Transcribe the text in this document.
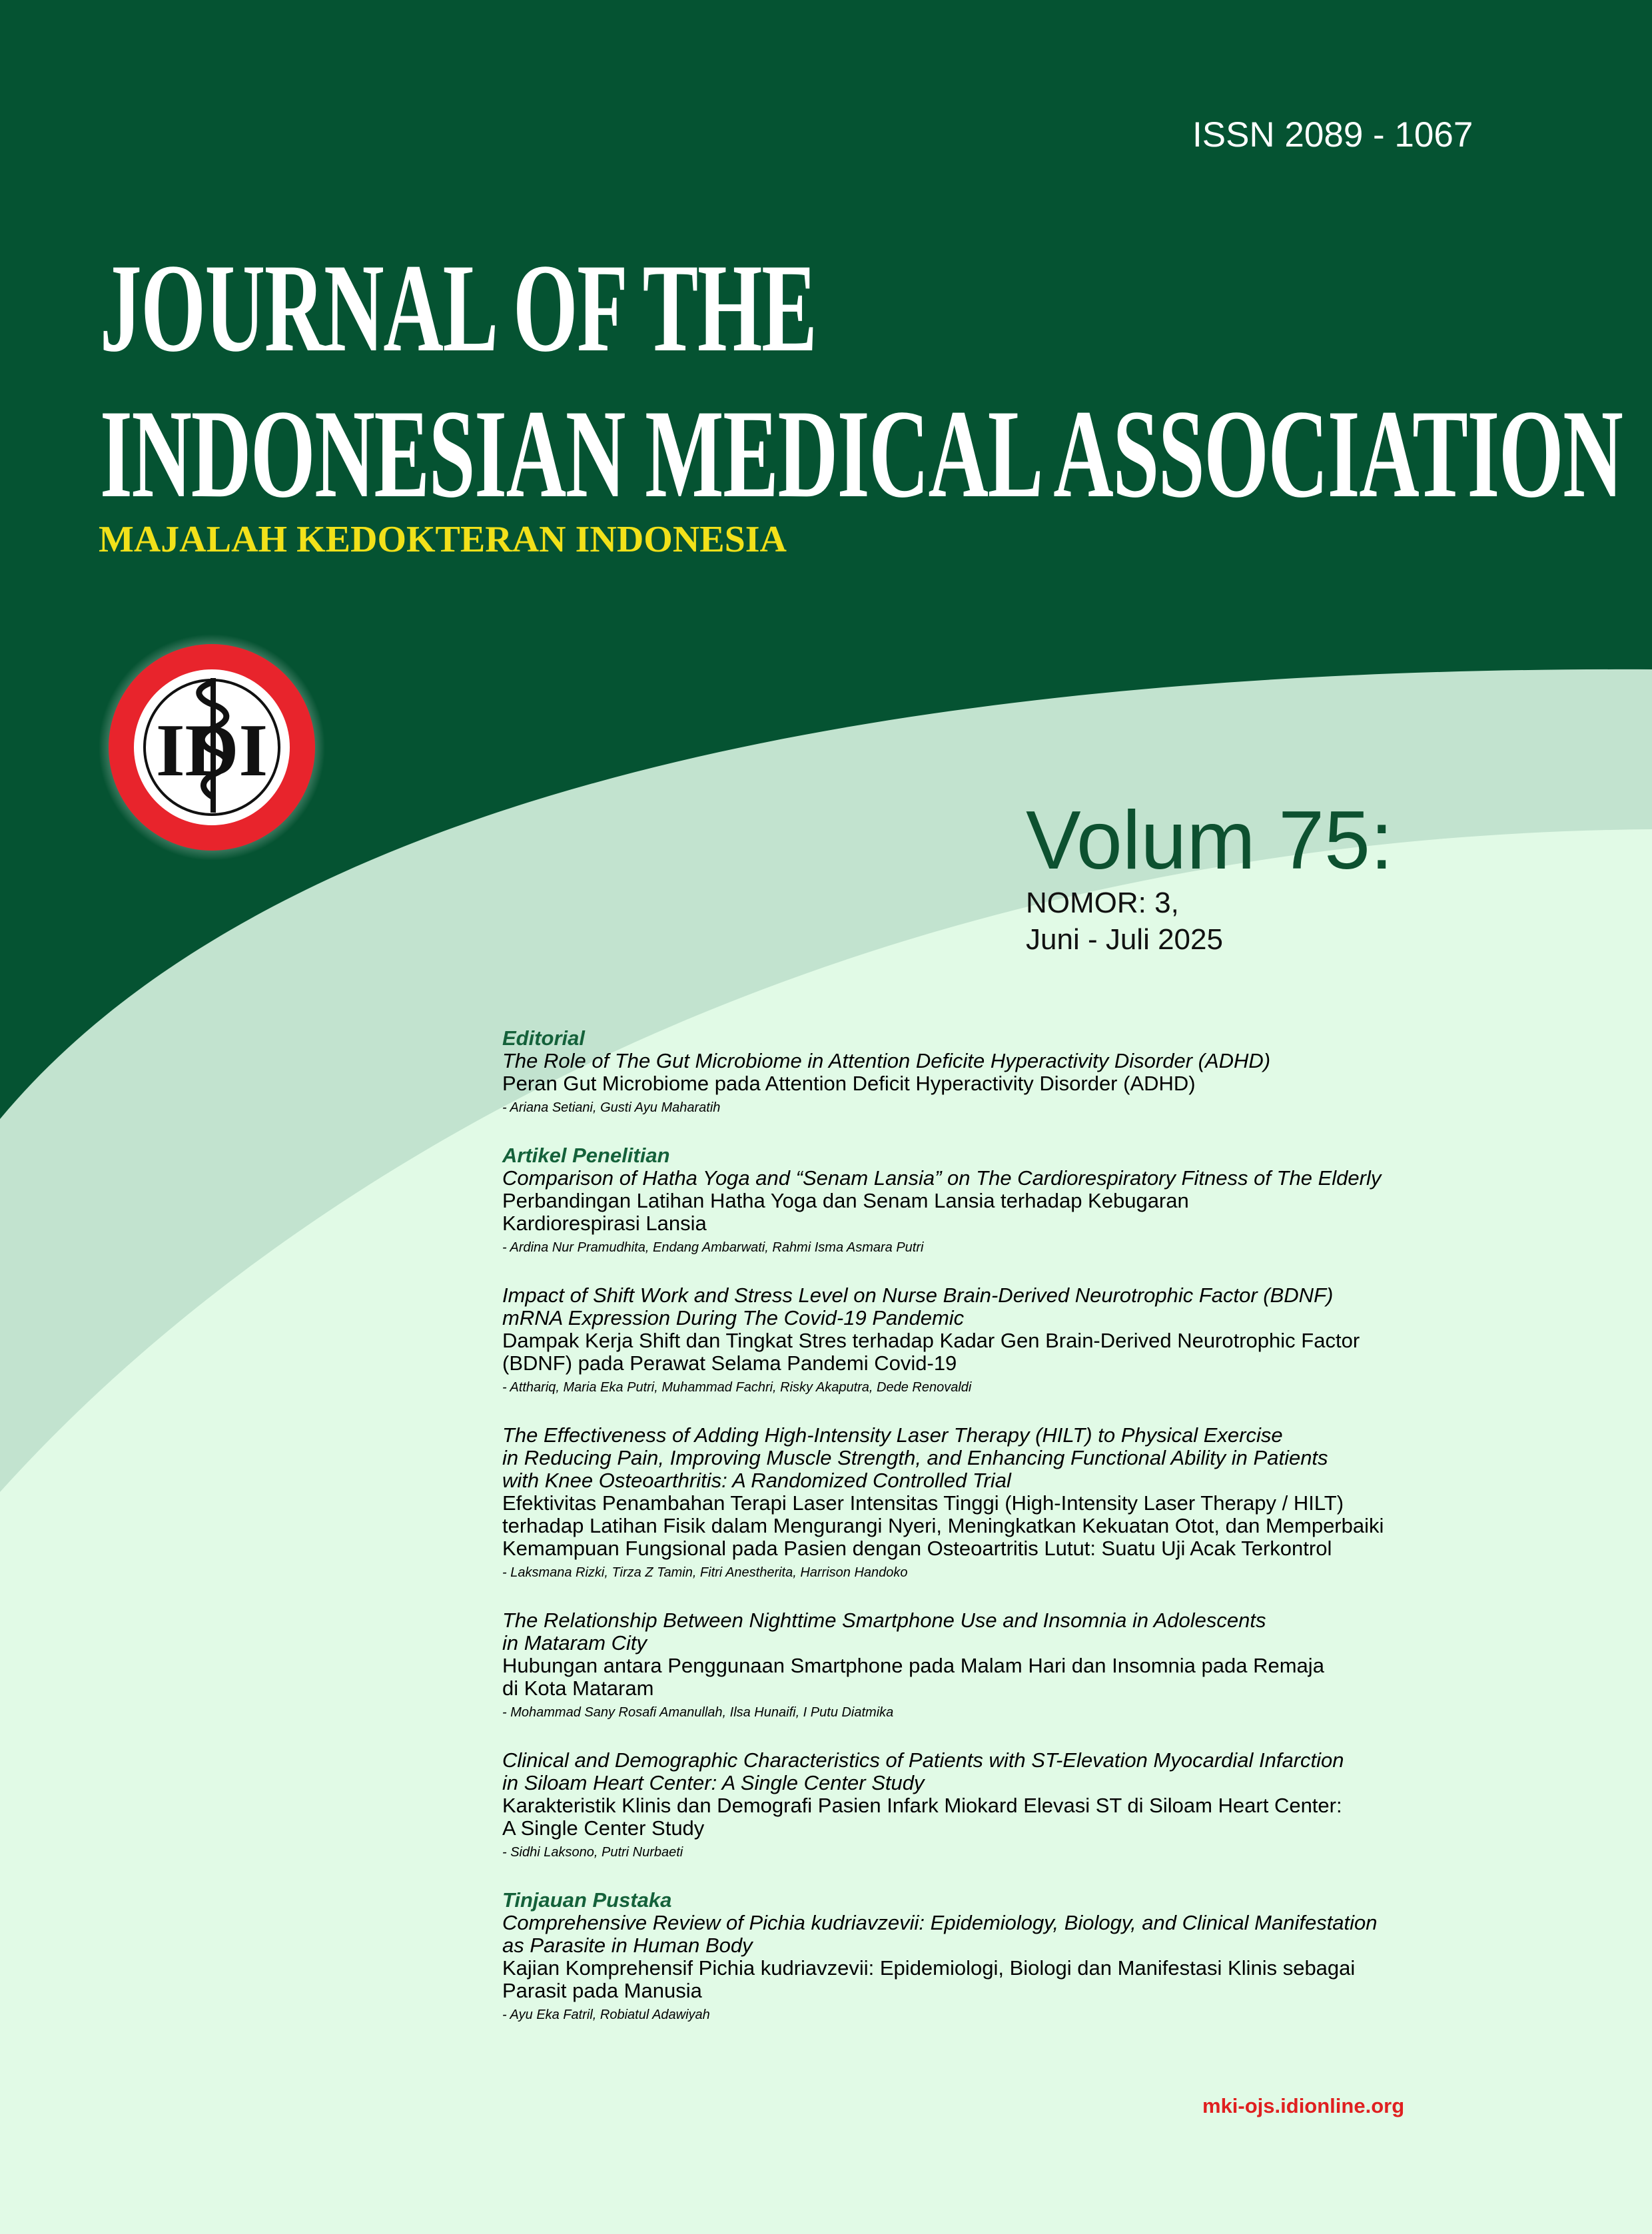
ISSN 2089 - 1067
JOURNAL OF THE
INDONESIAN MEDICAL ASSOCIATION
MAJALAH KEDOKTERAN INDONESIA
IDI
Volum 75:
NOMOR: 3,
Juni - Juli 2025
Editorial
The Role of The Gut Microbiome in Attention Deficite Hyperactivity Disorder (ADHD)
Peran Gut Microbiome pada Attention Deficit Hyperactivity Disorder (ADHD)
- Ariana Setiani, Gusti Ayu Maharatih
Artikel Penelitian
Comparison of Hatha Yoga and “Senam Lansia” on The Cardiorespiratory Fitness of The Elderly
Perbandingan Latihan Hatha Yoga dan Senam Lansia terhadap Kebugaran
Kardiorespirasi Lansia
- Ardina Nur Pramudhita, Endang Ambarwati, Rahmi Isma Asmara Putri
Impact of Shift Work and Stress Level on Nurse Brain-Derived Neurotrophic Factor (BDNF)
mRNA Expression During The Covid-19 Pandemic
Dampak Kerja Shift dan Tingkat Stres terhadap Kadar Gen Brain-Derived Neurotrophic Factor
(BDNF) pada Perawat Selama Pandemi Covid-19
- Atthariq, Maria Eka Putri, Muhammad Fachri, Risky Akaputra, Dede Renovaldi
The Effectiveness of Adding High-Intensity Laser Therapy (HILT) to Physical Exercise
in Reducing Pain, Improving Muscle Strength, and Enhancing Functional Ability in Patients
with Knee Osteoarthritis: A Randomized Controlled Trial
Efektivitas Penambahan Terapi Laser Intensitas Tinggi (High-Intensity Laser Therapy / HILT)
terhadap Latihan Fisik dalam Mengurangi Nyeri, Meningkatkan Kekuatan Otot, dan Memperbaiki
Kemampuan Fungsional pada Pasien dengan Osteoartritis Lutut: Suatu Uji Acak Terkontrol
- Laksmana Rizki, Tirza Z Tamin, Fitri Anestherita, Harrison Handoko
The Relationship Between Nighttime Smartphone Use and Insomnia in Adolescents
in Mataram City
Hubungan antara Penggunaan Smartphone pada Malam Hari dan Insomnia pada Remaja
di Kota Mataram
- Mohammad Sany Rosafi Amanullah, Ilsa Hunaifi, I Putu Diatmika
Clinical and Demographic Characteristics of Patients with ST-Elevation Myocardial Infarction
in Siloam Heart Center: A Single Center Study
Karakteristik Klinis dan Demografi Pasien Infark Miokard Elevasi ST di Siloam Heart Center:
A Single Center Study
- Sidhi Laksono, Putri Nurbaeti
Tinjauan Pustaka
Comprehensive Review of Pichia kudriavzevii: Epidemiology, Biology, and Clinical Manifestation
as Parasite in Human Body
Kajian Komprehensif Pichia kudriavzevii: Epidemiologi, Biologi dan Manifestasi Klinis sebagai
Parasit pada Manusia
- Ayu Eka Fatril, Robiatul Adawiyah
mki-ojs.idionline.org
